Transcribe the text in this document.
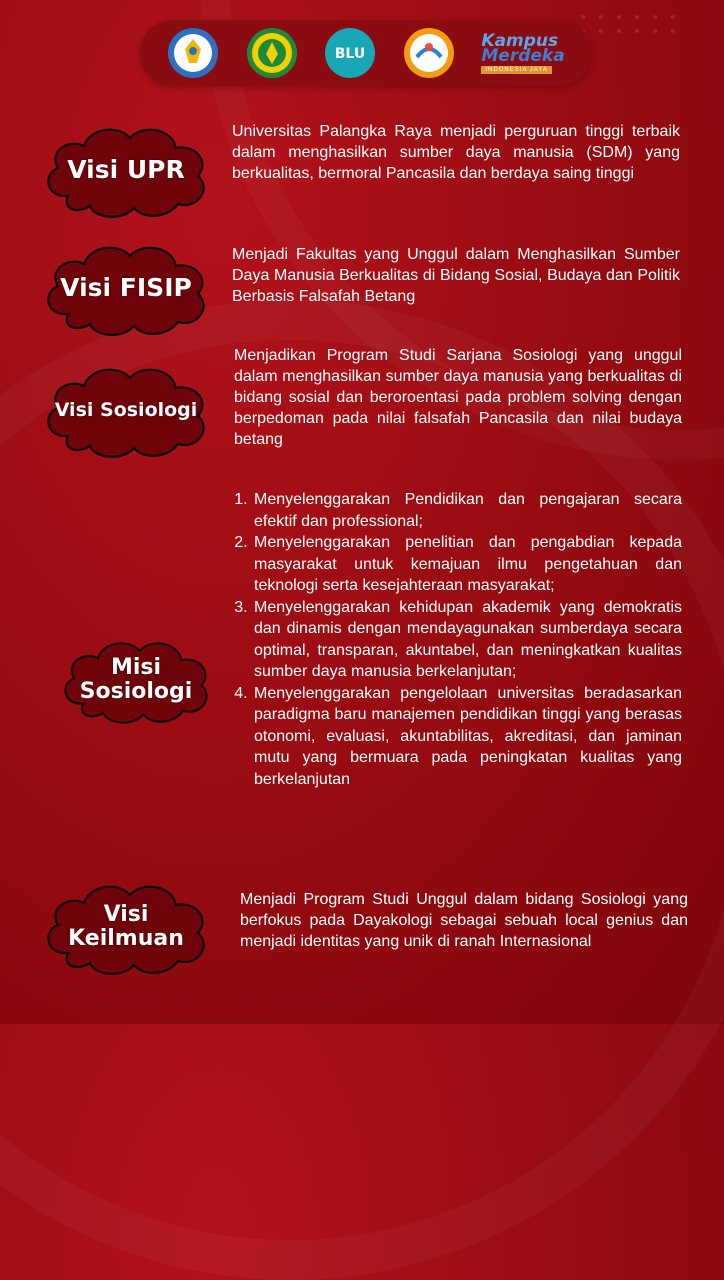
BLU
Kampus
Merdeka
INDONESIA JAYA
Visi UPR
Universitas Palangka Raya menjadi perguruan tinggi terbaik dalam menghasilkan sumber daya manusia (SDM) yang berkualitas, bermoral Pancasila dan berdaya saing tinggi
Visi FISIP
Menjadi Fakultas yang Unggul dalam Menghasilkan Sumber Daya Manusia Berkualitas di Bidang Sosial, Budaya dan Politik Berbasis Falsafah Betang
Visi Sosiologi
Menjadikan Program Studi Sarjana Sosiologi yang unggul dalam menghasilkan sumber daya manusia yang berkualitas di bidang sosial dan beroroentasi pada problem solving dengan berpedoman pada nilai falsafah Pancasila dan nilai budaya betang
Misi
Sosiologi
1. Menyelenggarakan Pendidikan dan pengajaran secara efektif dan professional;
2. Menyelenggarakan penelitian dan pengabdian kepada masyarakat untuk kemajuan ilmu pengetahuan dan teknologi serta kesejahteraan masyarakat;
3. Menyelenggarakan kehidupan akademik yang demokratis dan dinamis dengan mendayagunakan sumberdaya secara optimal, transparan, akuntabel, dan meningkatkan kualitas sumber daya manusia berkelanjutan;
4. Menyelenggarakan pengelolaan universitas beradasarkan paradigma baru manajemen pendidikan tinggi yang berasas otonomi, evaluasi, akuntabilitas, akreditasi, dan jaminan mutu yang bermuara pada peningkatan kualitas yang berkelanjutan
Visi
Keilmuan
Menjadi Program Studi Unggul dalam bidang Sosiologi yang berfokus pada Dayakologi sebagai sebuah local genius dan menjadi identitas yang unik di ranah Internasional
